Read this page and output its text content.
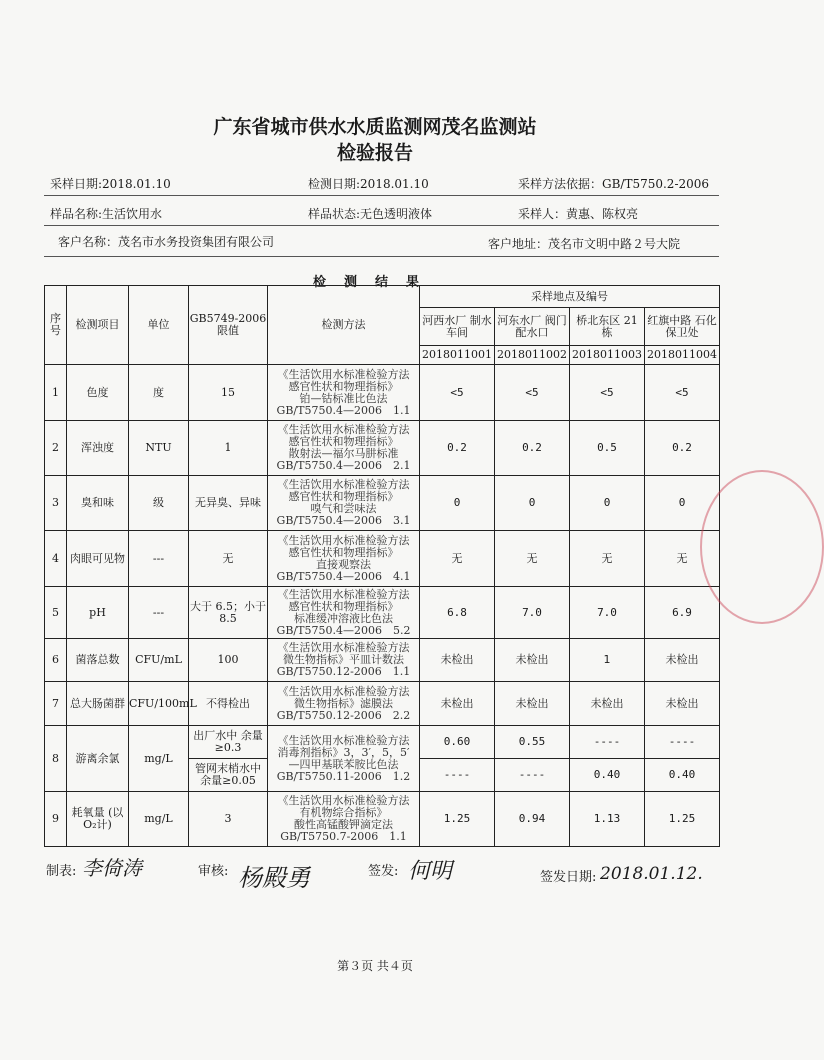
广东省城市供水水质监测网茂名监测站
检验报告
采样日期:2018.01.10	检测日期:2018.01.10	采样方法依据：GB/T5750.2-2006
样品名称:生活饮用水	样品状态:无色透明液体	采样人：黄惠、陈权亮
客户名称：茂名市水务投资集团有限公司	客户地址：茂名市文明中路２号大院
检测结果
序号	检测项目	单位	GB5749-2006 限值	检测方法	采样地点及编号			
					河西水厂 制水车间	河东水厂 阀门配水口	桥北东区 21 栋	红旗中路 石化保卫处
					2018011001	2018011002	2018011003	2018011004
1	色度	度	15	《生活饮用水标准检验方法
感官性状和物理指标》
铂—钴标准比色法
GB/T5750.4—2006　1.1	<5	<5	<5	<5
2	浑浊度	NTU	1	《生活饮用水标准检验方法
感官性状和物理指标》
散射法—福尔马肼标准
GB/T5750.4—2006　2.1	0.2	0.2	0.5	0.2
3	臭和味	级	无异臭、异味	《生活饮用水标准检验方法
感官性状和物理指标》
嗅气和尝味法
GB/T5750.4—2006　3.1	0	0	0	0
4	肉眼可见物	---	无	《生活饮用水标准检验方法
感官性状和物理指标》
直接观察法
GB/T5750.4—2006　4.1	无	无	无	无
5	pH	---	大于 6.5；小于 8.5	《生活饮用水标准检验方法
感官性状和物理指标》
标准缓冲溶液比色法
GB/T5750.4—2006　5.2	6.8	7.0	7.0	6.9
6	菌落总数	CFU/mL	100	《生活饮用水标准检验方法
微生物指标》平皿计数法
GB/T5750.12-2006　1.1	未检出	未检出	1	未检出
7	总大肠菌群	CFU/100mL	不得检出	《生活饮用水标准检验方法
微生物指标》滤膜法
GB/T5750.12-2006　2.2	未检出	未检出	未检出	未检出
8	游离余氯	mg/L	出厂水中 余量≥0.3	《生活饮用水标准检验方法
消毒剂指标》3，3′，5，5′
—四甲基联苯胺比色法
GB/T5750.11-2006　1.2	0.60	0.55	----	----
			管网末梢水中 余量≥0.05		----	----	0.40	0.40
9	耗氧量 (以O₂计)	mg/L	3	《生活饮用水标准检验方法
有机物综合指标》
酸性高锰酸钾滴定法
GB/T5750.7-2006　1.1	1.25	0.94	1.13	1.25
制表: 李倚涛	审核: 杨殿勇	签发: 何明	签发日期: 2018.01.12.
第３页 共４页
